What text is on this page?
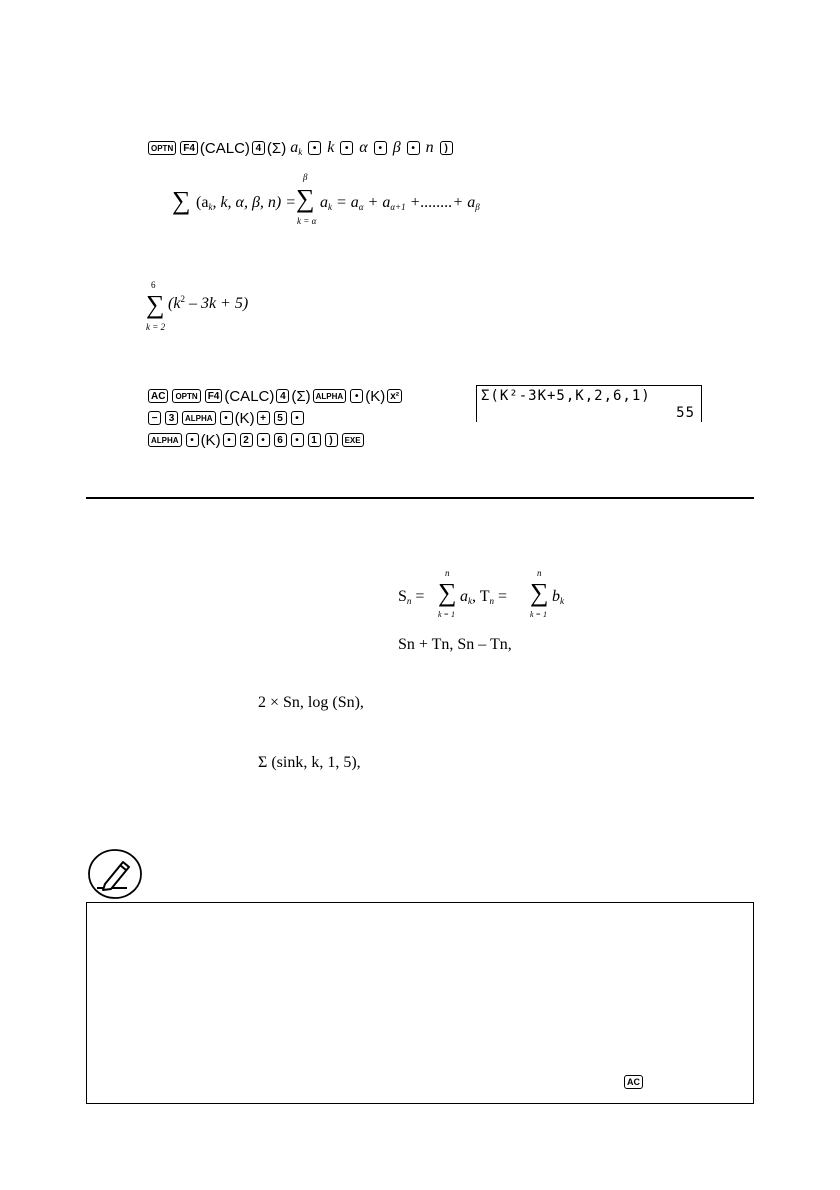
OPTN F4 (CALC) 4 (Σ) $a_k$ • k • α • β • n )
∑ ($a_k$, k, α, β, n) =
β
∑
k = α
$a_k = a_\alpha + a_{\alpha+1}$ +........+ $a_\beta$
6
∑
k = 2
$(k^2 - 3k + 5)$
AC OPTN F4 (CALC) 4 (Σ) ALPHA • (K) x²
− 3 ALPHA • (K) + 5 •
ALPHA • (K) • 2 • 6 • 1 ) EXE
Σ(K²-3K+5,K,2,6,1)
55
$S_n$ =
n
∑
k = 1
$a_k$, $T_n$ =
n
∑
k = 1
$b_k$
Sn + Tn, Sn – Tn,
2 × Sn, log (Sn),
Σ (sink, k, 1, 5),
AC
